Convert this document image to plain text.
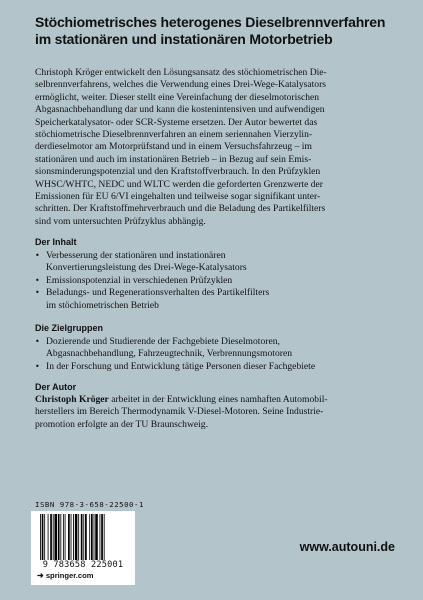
Stöchiometrisches heterogenes Dieselbrennverfahren
im stationären und instationären Motorbetrieb
Christoph Kröger entwickelt den Lösungsansatz des stöchiometrischen Die-
selbrennverfahrens, welches die Verwendung eines Drei-Wege-Katalysators
ermöglicht, weiter. Dieser stellt eine Vereinfachung der dieselmotorischen
Abgasnachbehandlung dar und kann die kostenintensiven und aufwendigen
Speicherkatalysator- oder SCR-Systeme ersetzen. Der Autor bewertet das
stöchiometrische Dieselbrennverfahren an einem seriennahen Vierzylin-
derdieselmotor am Motorprüfstand und in einem Versuchsfahrzeug – im
stationären und auch im instationären Betrieb – in Bezug auf sein Emis-
sionsminderungspotenzial und den Kraftstoffverbrauch. In den Prüfzyklen
WHSC/WHTC, NEDC und WLTC werden die geforderten Grenzwerte der
Emissionen für EU 6/VI eingehalten und teilweise sogar signifikant unter-
schritten. Der Kraftstoffmehrverbrauch und die Beladung des Partikelfilters
sind vom untersuchten Prüfzyklus abhängig.
Der Inhalt
• Verbesserung der stationären und instationären
Konvertierungsleistung des Drei-Wege-Katalysators
• Emissionspotenzial in verschiedenen Prüfzyklen
• Beladungs- und Regenerationsverhalten des Partikelfilters
im stöchiometrischen Betrieb
Die Zielgruppen
• Dozierende und Studierende der Fachgebiete Dieselmotoren,
Abgasnachbehandlung, Fahrzeugtechnik, Verbrennungsmotoren
• In der Forschung und Entwicklung tätige Personen dieser Fachgebiete
Der Autor
Christoph Kröger arbeitet in der Entwicklung eines namhaften Automobil-
herstellers im Bereich Thermodynamik V-Diesel-Motoren. Seine Industrie-
promotion erfolgte an der TU Braunschweig.
ISBN 978-3-658-22500-1
9 783658 225001
➜ springer.com
www.autouni.de
